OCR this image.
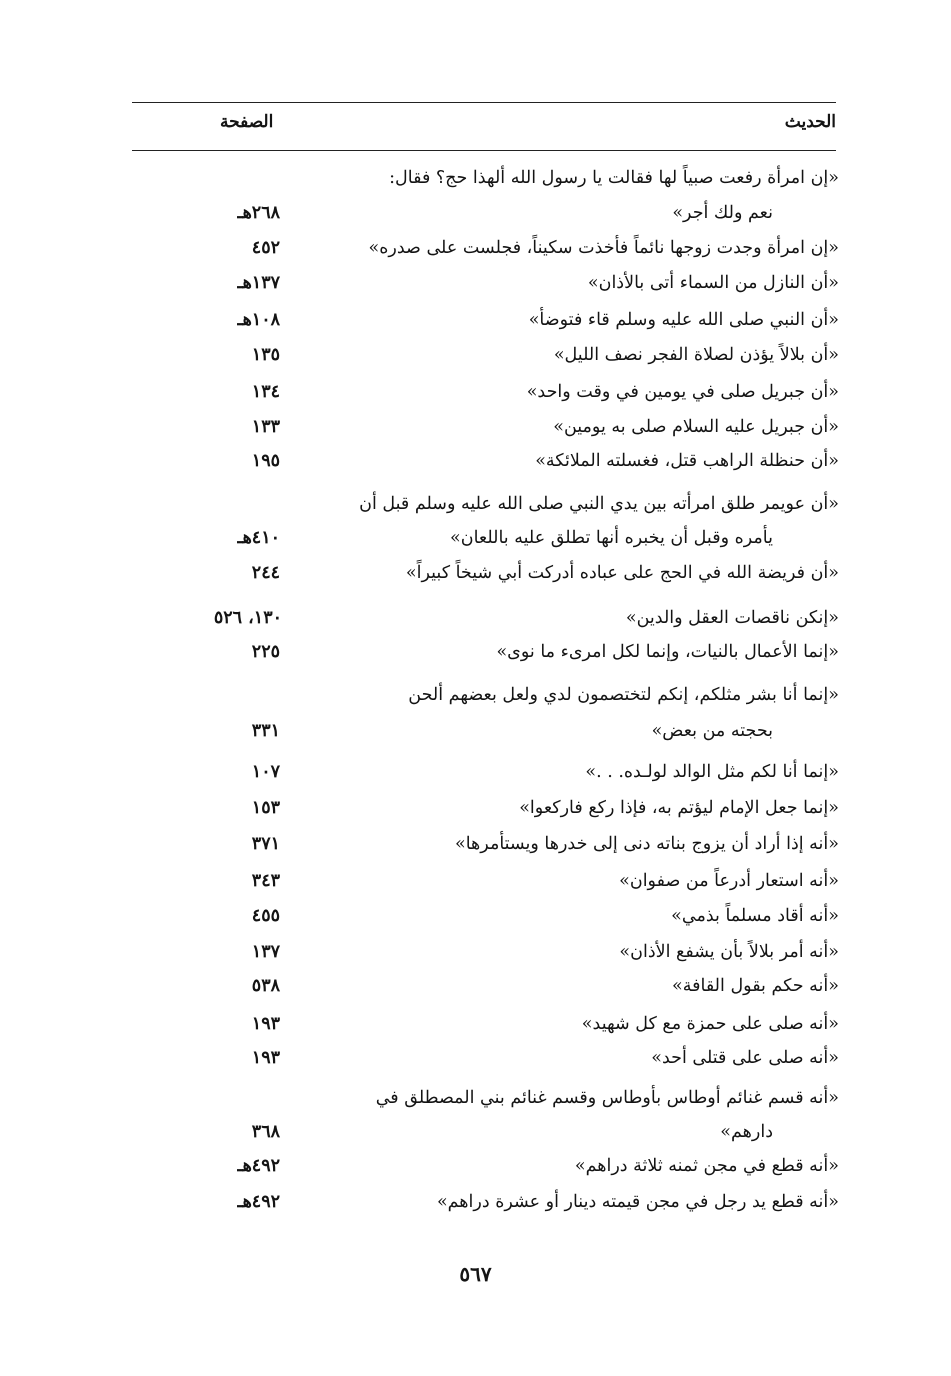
الحديث
الصفحة
«إن امرأة رفعت صبياً لها فقالت يا رسول الله ألهذا حج؟ فقال:
نعم ولك أجر»
٢٦٨هـ
«إن امرأة وجدت زوجها نائماً فأخذت سكيناً، فجلست على صدره»
٤٥٢
«أن النازل من السماء أتى بالأذان»
١٣٧هـ
«أن النبي صلى الله عليه وسلم قاء فتوضأ»
١٠٨هـ
«أن بلالاً يؤذن لصلاة الفجر نصف الليل»
١٣٥
«أن جبريل صلى في يومين في وقت واحد»
١٣٤
«أن جبريل عليه السلام صلى به يومين»
١٣٣
«أن حنظلة الراهب قتل، فغسلته الملائكة»
١٩٥
«أن عويمر طلق امرأته بين يدي النبي صلى الله عليه وسلم قبل أن
يأمره وقبل أن يخبره أنها تطلق عليه باللعان»
٤١٠هـ
«أن فريضة الله في الحج على عباده أدركت أبي شيخاً كبيراً»
٢٤٤
«إنكن ناقصات العقل والدين»
١٣٠، ٥٢٦
«إنما الأعمال بالنيات، وإنما لكل امرىء ما نوى»
٢٢٥
«إنما أنا بشر مثلكم، إنكم لتختصمون لدي ولعل بعضهم ألحن
بحجته من بعض»
٣٣١
«إنما أنا لكم مثل الوالد لولـده. . .»
١٠٧
«إنما جعل الإمام ليؤتم به، فإذا ركع فاركعوا»
١٥٣
«أنه إذا أراد أن يزوج بناته دنى إلى خدرها ويستأمرها»
٣٧١
«أنه استعار أدرعاً من صفوان»
٣٤٣
«أنه أقاد مسلماً بذمي»
٤٥٥
«أنه أمر بلالاً بأن يشفع الأذان»
١٣٧
«أنه حكم بقول القافة»
٥٣٨
«أنه صلى على حمزة مع كل شهيد»
١٩٣
«أنه صلى على قتلى أحد»
١٩٣
«أنه قسم غنائم أوطاس بأوطاس وقسم غنائم بني المصطلق في
دارهم»
٣٦٨
«أنه قطع في مجن ثمنه ثلاثة دراهم»
٤٩٢هـ
«أنه قطع يد رجل في مجن قيمته دينار أو عشرة دراهم»
٤٩٢هـ
٥٦٧
